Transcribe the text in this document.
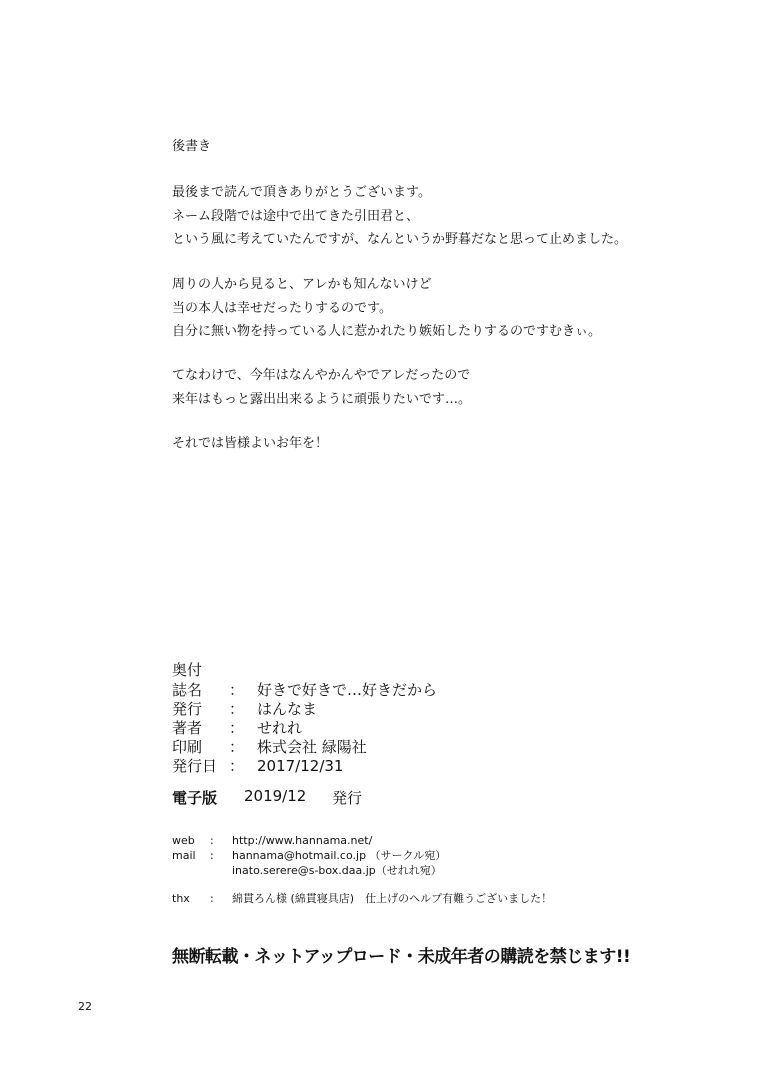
後書き
最後まで読んで頂きありがとうございます。
ネーム段階では途中で出てきた引田君と、
という風に考えていたんですが、なんというか野暮だなと思って止めました。
周りの人から見ると、アレかも知んないけど
当の本人は幸せだったりするのです。
自分に無い物を持っている人に惹かれたり嫉妬したりするのですむきぃ。
てなわけで、今年はなんやかんやでアレだったので
来年はもっと露出出来るように頑張りたいです…。
それでは皆様よいお年を！
奥付
誌名 ： 好きで好きで…好きだから
発行 ： はんなま
著者 ： せれれ
印刷 ： 株式会社 緑陽社
発行日 ： 2017/12/31
電子版 2019/12 発行
web : http://www.hannama.net/
mail : hannama@hotmail.co.jp （サークル宛）
inato.serere@s-box.daa.jp（せれれ宛）
thx : 綿貫ろん様 (綿貫寝具店)　仕上げのヘルプ有難うございました！
無断転載・ネットアップロード・未成年者の購読を禁じます!!
22
